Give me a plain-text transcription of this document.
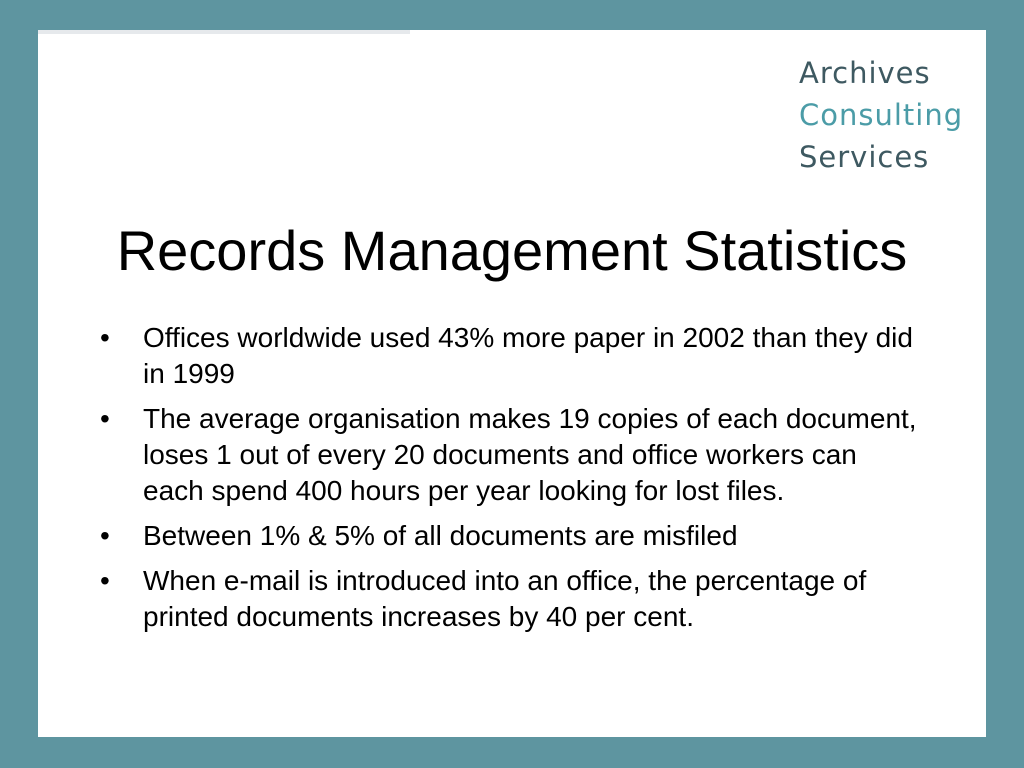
Archives
Consulting
Services
Records Management Statistics
• Offices worldwide used 43% more paper in 2002 than they did in 1999
• The average organisation makes 19 copies of each document, loses 1 out of every 20 documents and office workers can each spend 400 hours per year looking for lost files.
• Between 1% & 5% of all documents are misfiled
• When e-mail is introduced into an office, the percentage of printed documents increases by 40 per cent.
